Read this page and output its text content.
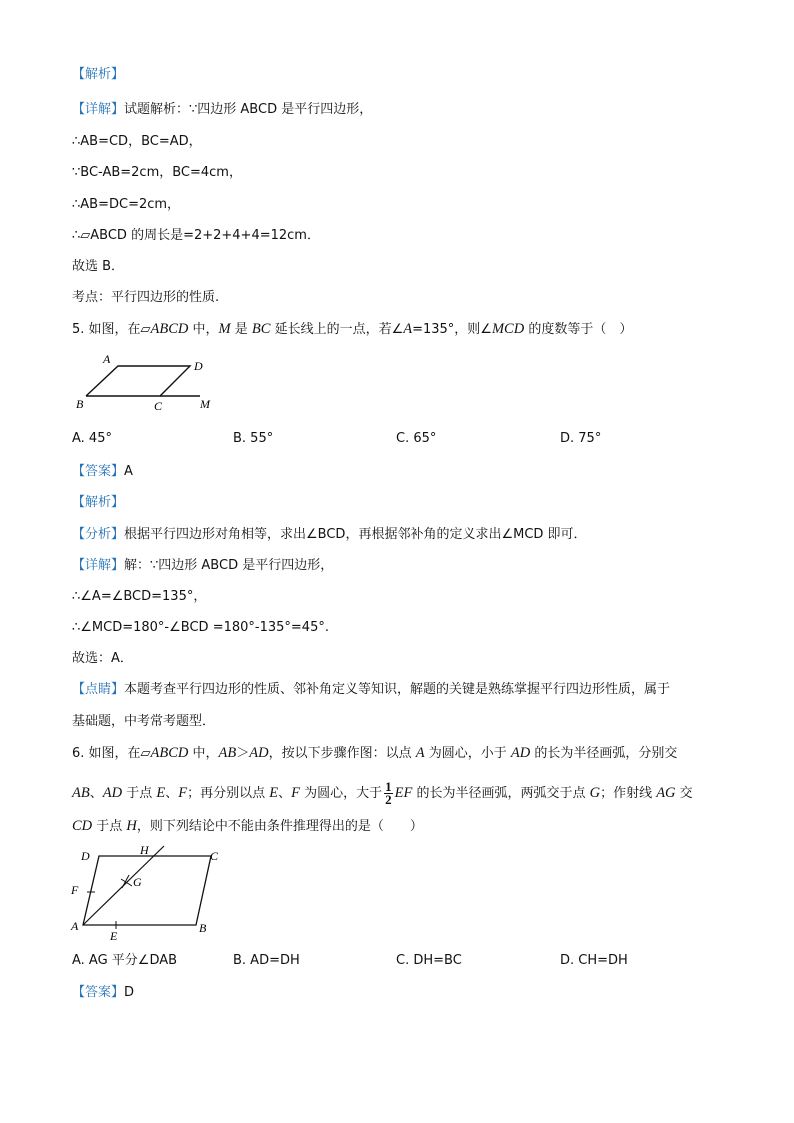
【解析】
【详解】试题解析：∵四边形 ABCD 是平行四边形，
∴AB=CD，BC=AD，
∵BC-AB=2cm，BC=4cm，
∴AB=DC=2cm，
∴▱ABCD 的周长是=2+2+4+4=12cm．
故选 B．
考点：平行四边形的性质.
5. 如图，在▱ABCD 中，M 是 BC 延长线上的一点，若∠A=135°，则∠MCD 的度数等于（　）
A	D
B	C	M
A. 45°	B. 55°	C. 65°	D. 75°
【答案】A
【解析】
【分析】根据平行四边形对角相等，求出∠BCD，再根据邻补角的定义求出∠MCD 即可．
【详解】解：∵四边形 ABCD 是平行四边形，
∴∠A=∠BCD=135°，
∴∠MCD=180°-∠BCD =180°-135°=45°.
故选：A．
【点睛】本题考查平行四边形的性质、邻补角定义等知识，解题的关键是熟练掌握平行四边形性质，属于
基础题，中考常考题型．
6. 如图，在▱ABCD 中，AB＞AD，按以下步骤作图：以点 A 为圆心，小于 AD 的长为半径画弧，分别交
AB、AD 于点 E、F；再分别以点 E、F 为圆心，大于 $\frac{1}{2}$ EF 的长为半径画弧，两弧交于点 G；作射线 AG 交
CD 于点 H，则下列结论中不能由条件推理得出的是（　　）
D	H	C
F
G
A
E
B
A. AG 平分∠DAB	B. AD=DH	C. DH=BC	D. CH=DH
【答案】D
